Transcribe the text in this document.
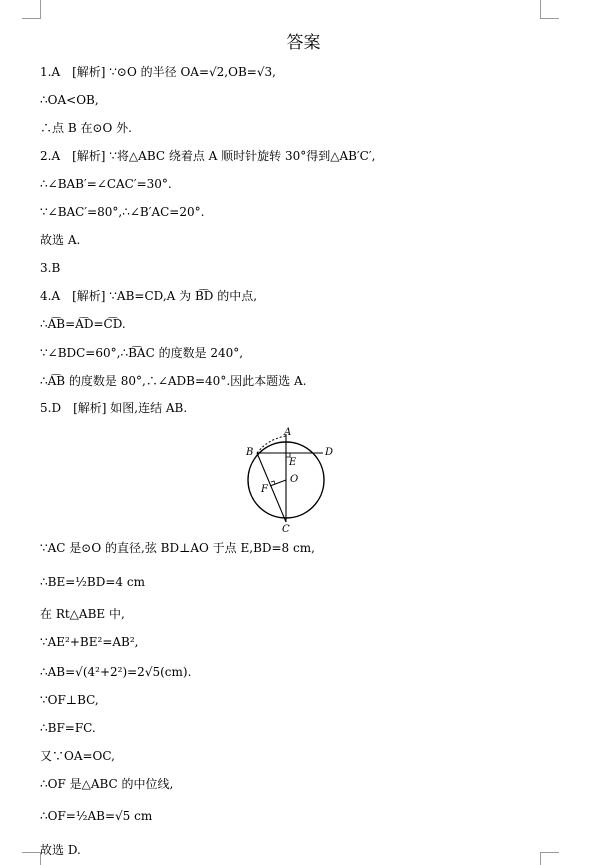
答案
1.A　[解析] ∵⊙O 的半径 OA=√2,OB=√3,
∴OA<OB,
∴点 B 在⊙O 外.
2.A　[解析] ∵将△ABC 绕着点 A 顺时针旋转 30°得到△AB′C′,
∴∠BAB′=∠CAC′=30°.
∵∠BAC′=80°,∴∠B′AC=20°.
故选 A.
3.B
4.A　[解析] ∵AB=CD,A 为 B͡D 的中点,
∴A͡B=A͡D=C͡D.
∵∠BDC=60°,∴B͡AC 的度数是 240°,
∴A͡B 的度数是 80°,∴∠ADB=40°.因此本题选 A.
5.D　[解析] 如图,连结 AB.
A
B	D
E
O
F
C
∵AC 是⊙O 的直径,弦 BD⊥AO 于点 E,BD=8 cm,
∴BE=½BD=4 cm
在 Rt△ABE 中,
∵AE²+BE²=AB²,
∴AB=√(4²+2²)=2√5(cm).
∵OF⊥BC,
∴BF=FC.
又∵OA=OC,
∴OF 是△ABC 的中位线,
∴OF=½AB=√5 cm
故选 D.
